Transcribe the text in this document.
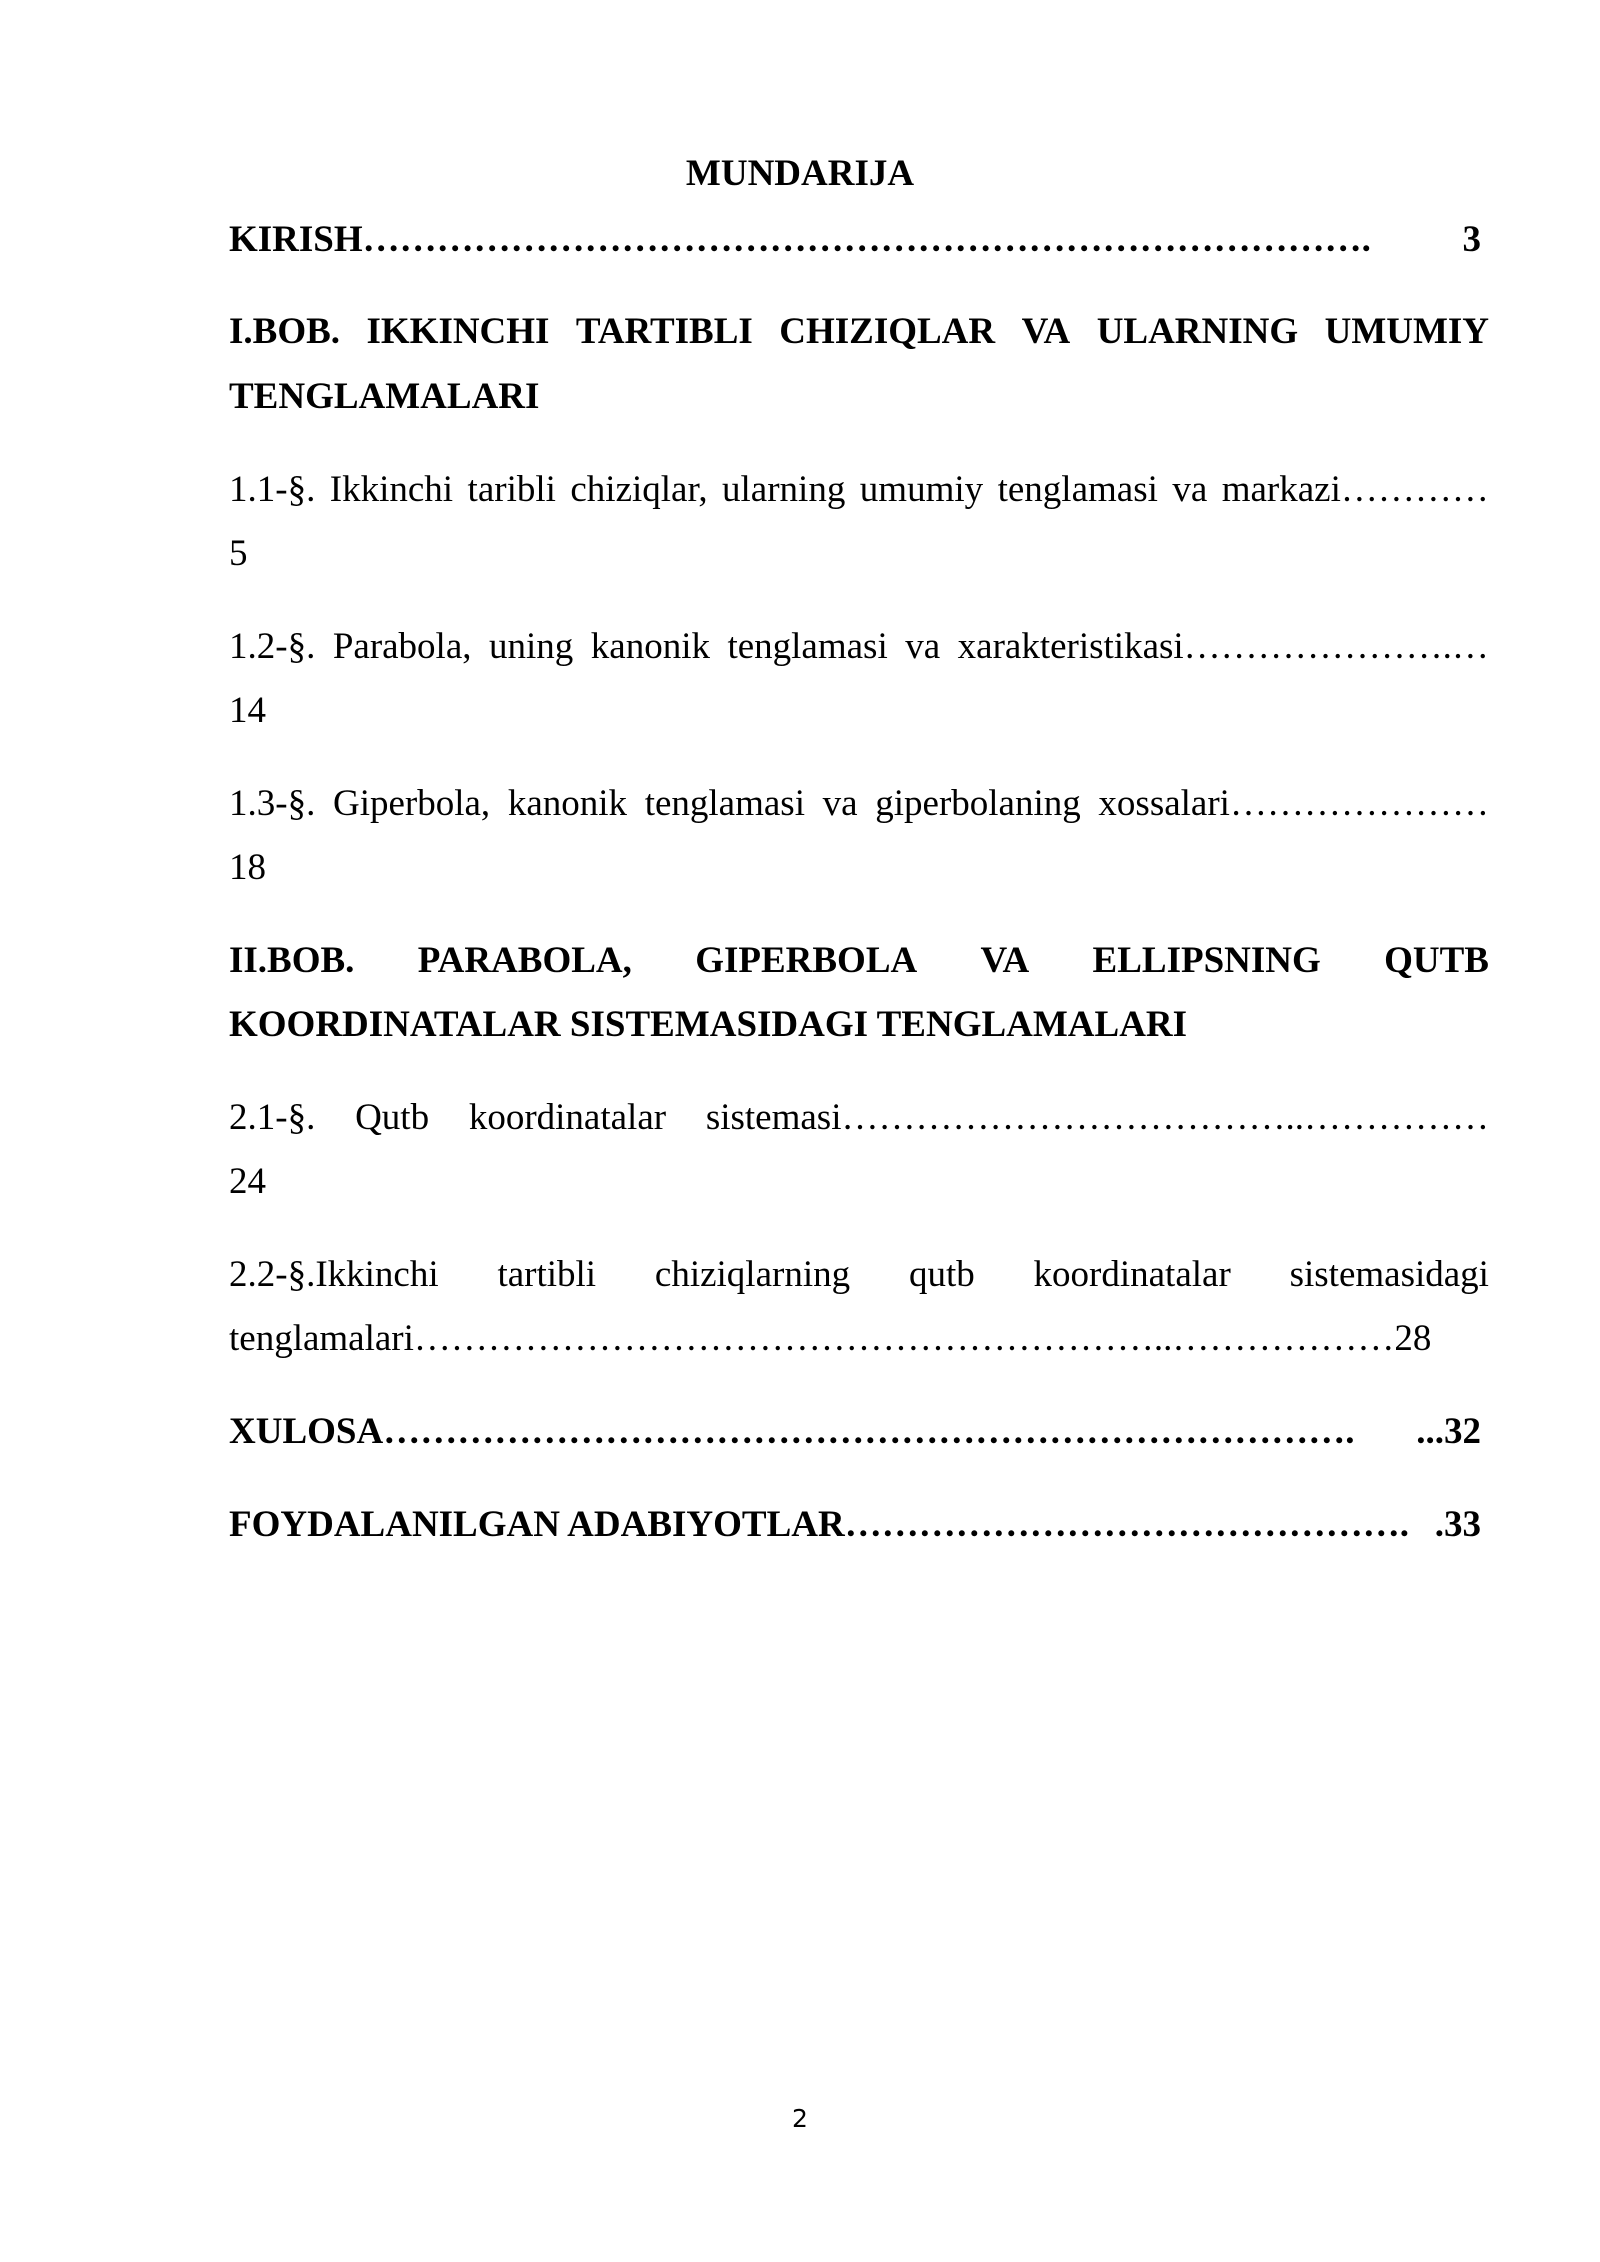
MUNDARIJA
KIRISH ……………………………………………………………………….	3
I.BOB. IKKINCHI TARTIBLI CHIZIQLAR VA ULARNING UMUMIY
TENGLAMALARI
1.1-§. Ikkinchi taribli chiziqlar, ularning umumiy tenglamasi va markazi…………
5
1.2-§. Parabola, uning kanonik tenglamasi va xarakteristikasi………………….…
14
1.3-§. Giperbola, kanonik tenglamasi va giperbolaning xossalari…………………
18
II.BOB. PARABOLA, GIPERBOLA VA ELLIPSNING QUTB
KOORDINATALAR SISTEMASIDAGI TENGLAMALARI
2.1-§. Qutb koordinatalar sistemasi………………………………..……………
24
2.2-§.Ikkinchi tartibli chiziqlarning qutb koordinatalar sistemasidagi
tenglamalari……………………………………………………..………………28
XULOSA …………………………………………………………………….	...32
FOYDALANILGAN ADABIYOTLAR ………………………………………. .33
2
